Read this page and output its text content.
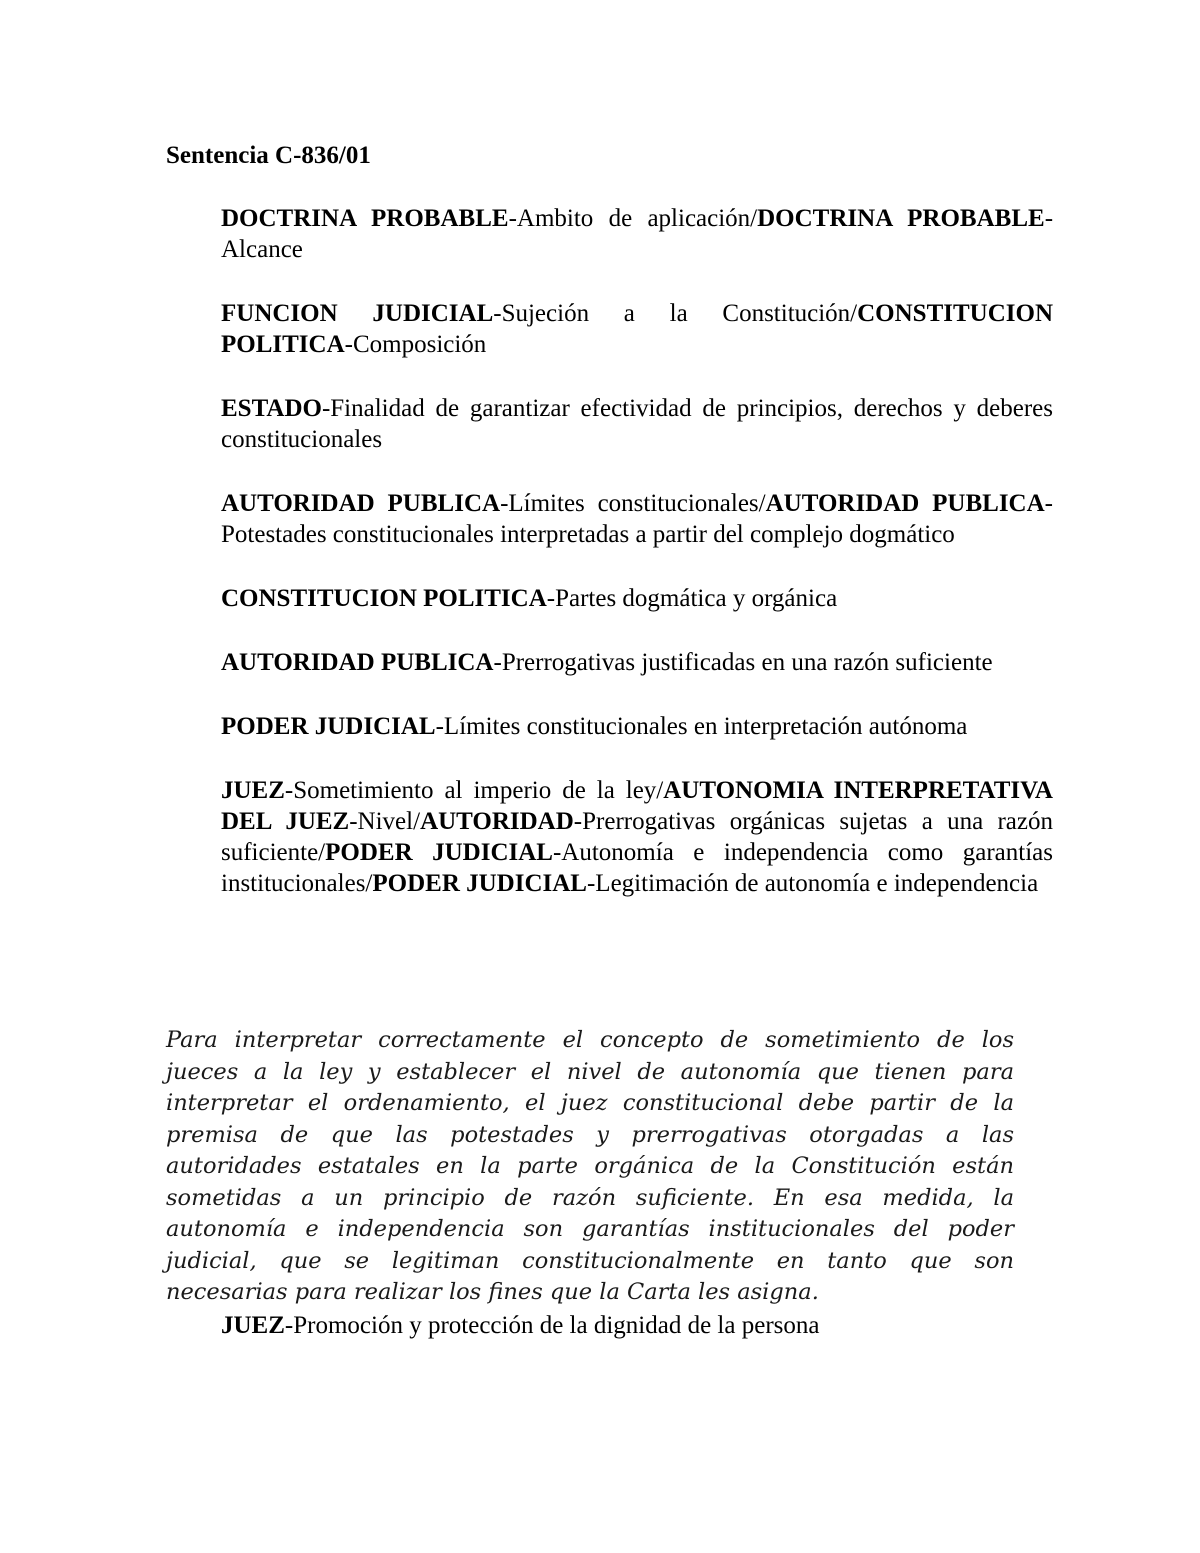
Sentencia C-836/01

DOCTRINA PROBABLE-Ambito de aplicación/DOCTRINA PROBABLE-Alcance

FUNCION JUDICIAL-Sujeción a la Constitución/CONSTITUCION POLITICA-Composición

ESTADO-Finalidad de garantizar efectividad de principios, derechos y deberes constitucionales

AUTORIDAD PUBLICA-Límites constitucionales/AUTORIDAD PUBLICA-Potestades constitucionales interpretadas a partir del complejo dogmático

CONSTITUCION POLITICA-Partes dogmática y orgánica

AUTORIDAD PUBLICA-Prerrogativas justificadas en una razón suficiente

PODER JUDICIAL-Límites constitucionales en interpretación autónoma

JUEZ-Sometimiento al imperio de la ley/AUTONOMIA INTERPRETATIVA DEL JUEZ-Nivel/AUTORIDAD-Prerrogativas orgánicas sujetas a una razón suficiente/PODER JUDICIAL-Autonomía e independencia como garantías institucionales/PODER JUDICIAL-Legitimación de autonomía e independencia

Para interpretar correctamente el concepto de sometimiento de los jueces a la ley y establecer el nivel de autonomía que tienen para interpretar el ordenamiento, el juez constitucional debe partir de la premisa de que las potestades y prerrogativas otorgadas a las autoridades estatales en la parte orgánica de la Constitución están sometidas a un principio de razón suficiente. En esa medida, la autonomía e independencia son garantías institucionales del poder judicial, que se legitiman constitucionalmente en tanto que son necesarias para realizar los fines que la Carta les asigna.

JUEZ-Promoción y protección de la dignidad de la persona
